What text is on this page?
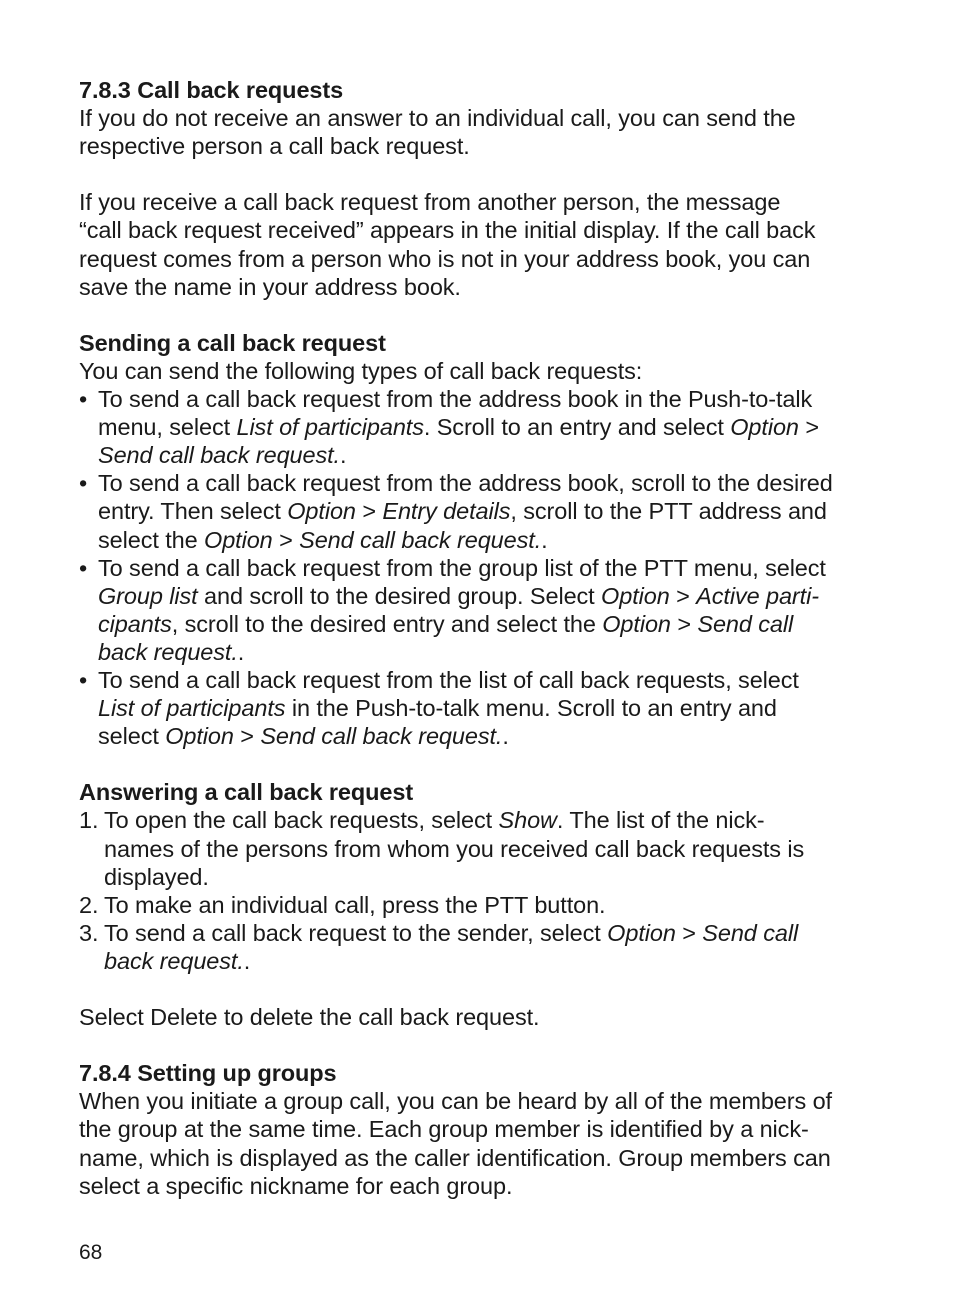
7.8.3 Call back requests
If you do not receive an answer to an individual call, you can send the
respective person a call back request.
If you receive a call back request from another person, the message
“call back request received” appears in the initial display. If the call back
request comes from a person who is not in your address book, you can
save the name in your address book.
Sending a call back request
You can send the following types of call back requests:
• To send a call back request from the address book in the Push-to-talk
menu, select List of participants. Scroll to an entry and select Option >
Send call back request..
• To send a call back request from the address book, scroll to the desired
entry. Then select Option > Entry details, scroll to the PTT address and
select the Option > Send call back request..
• To send a call back request from the group list of the PTT menu, select
Group list and scroll to the desired group. Select Option > Active parti-
cipants, scroll to the desired entry and select the Option > Send call
back request..
• To send a call back request from the list of call back requests, select
List of participants in the Push-to-talk menu. Scroll to an entry and
select Option > Send call back request..
Answering a call back request
1. To open the call back requests, select Show. The list of the nick-
names of the persons from whom you received call back requests is
displayed.
2. To make an individual call, press the PTT button.
3. To send a call back request to the sender, select Option > Send call
back request..
Select Delete to delete the call back request.
7.8.4 Setting up groups
When you initiate a group call, you can be heard by all of the members of
the group at the same time. Each group member is identified by a nick-
name, which is displayed as the caller identification. Group members can
select a specific nickname for each group.
68
